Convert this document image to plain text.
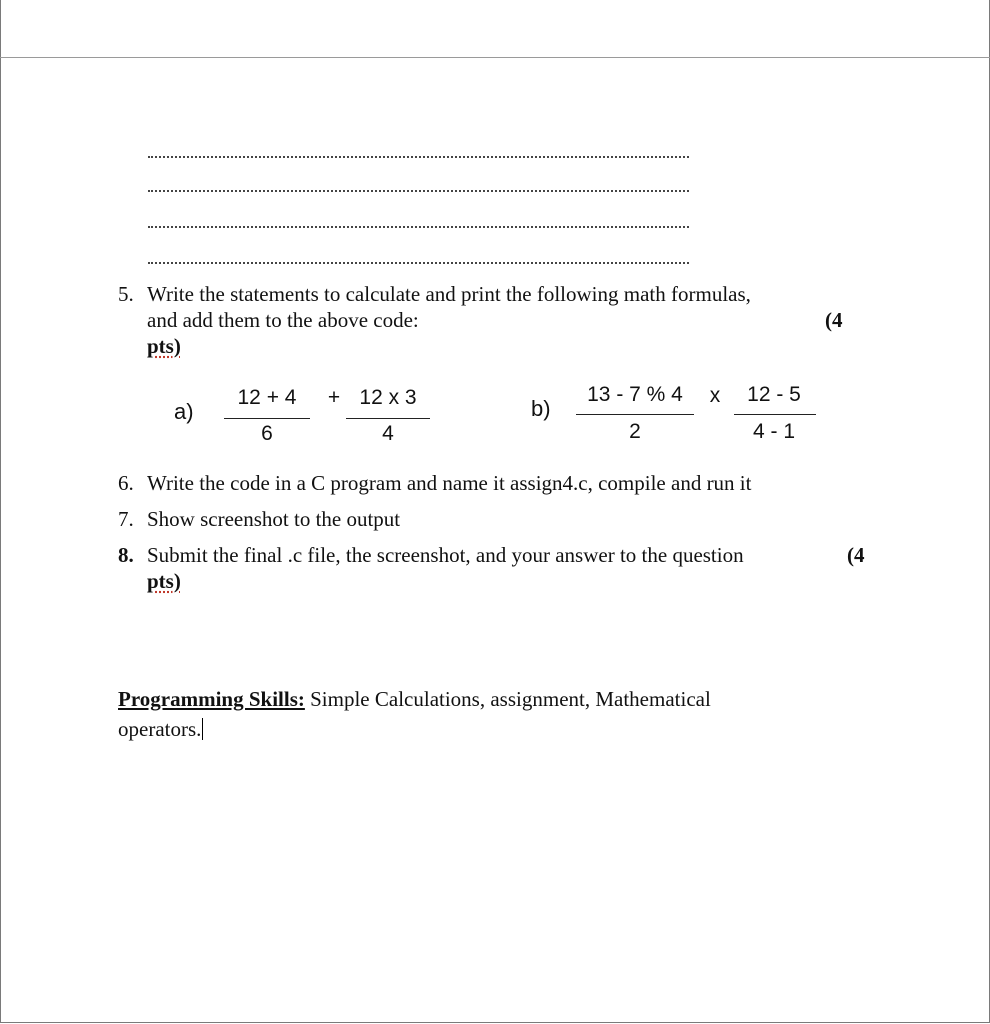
5. Write the statements to calculate and print the following math formulas,
and add them to the above code:	(4
pts)
a)
12 + 4
6
+ 12 x 3
4
b)
13 - 7 % 4
2
x	12 - 5
4 - 1
6. Write the code in a C program and name it assign4.c, compile and run it
7. Show screenshot to the output
8. Submit the final .c file, the screenshot, and your answer to the question	(4
pts)
Programming Skills: Simple Calculations, assignment, Mathematical
operators.
